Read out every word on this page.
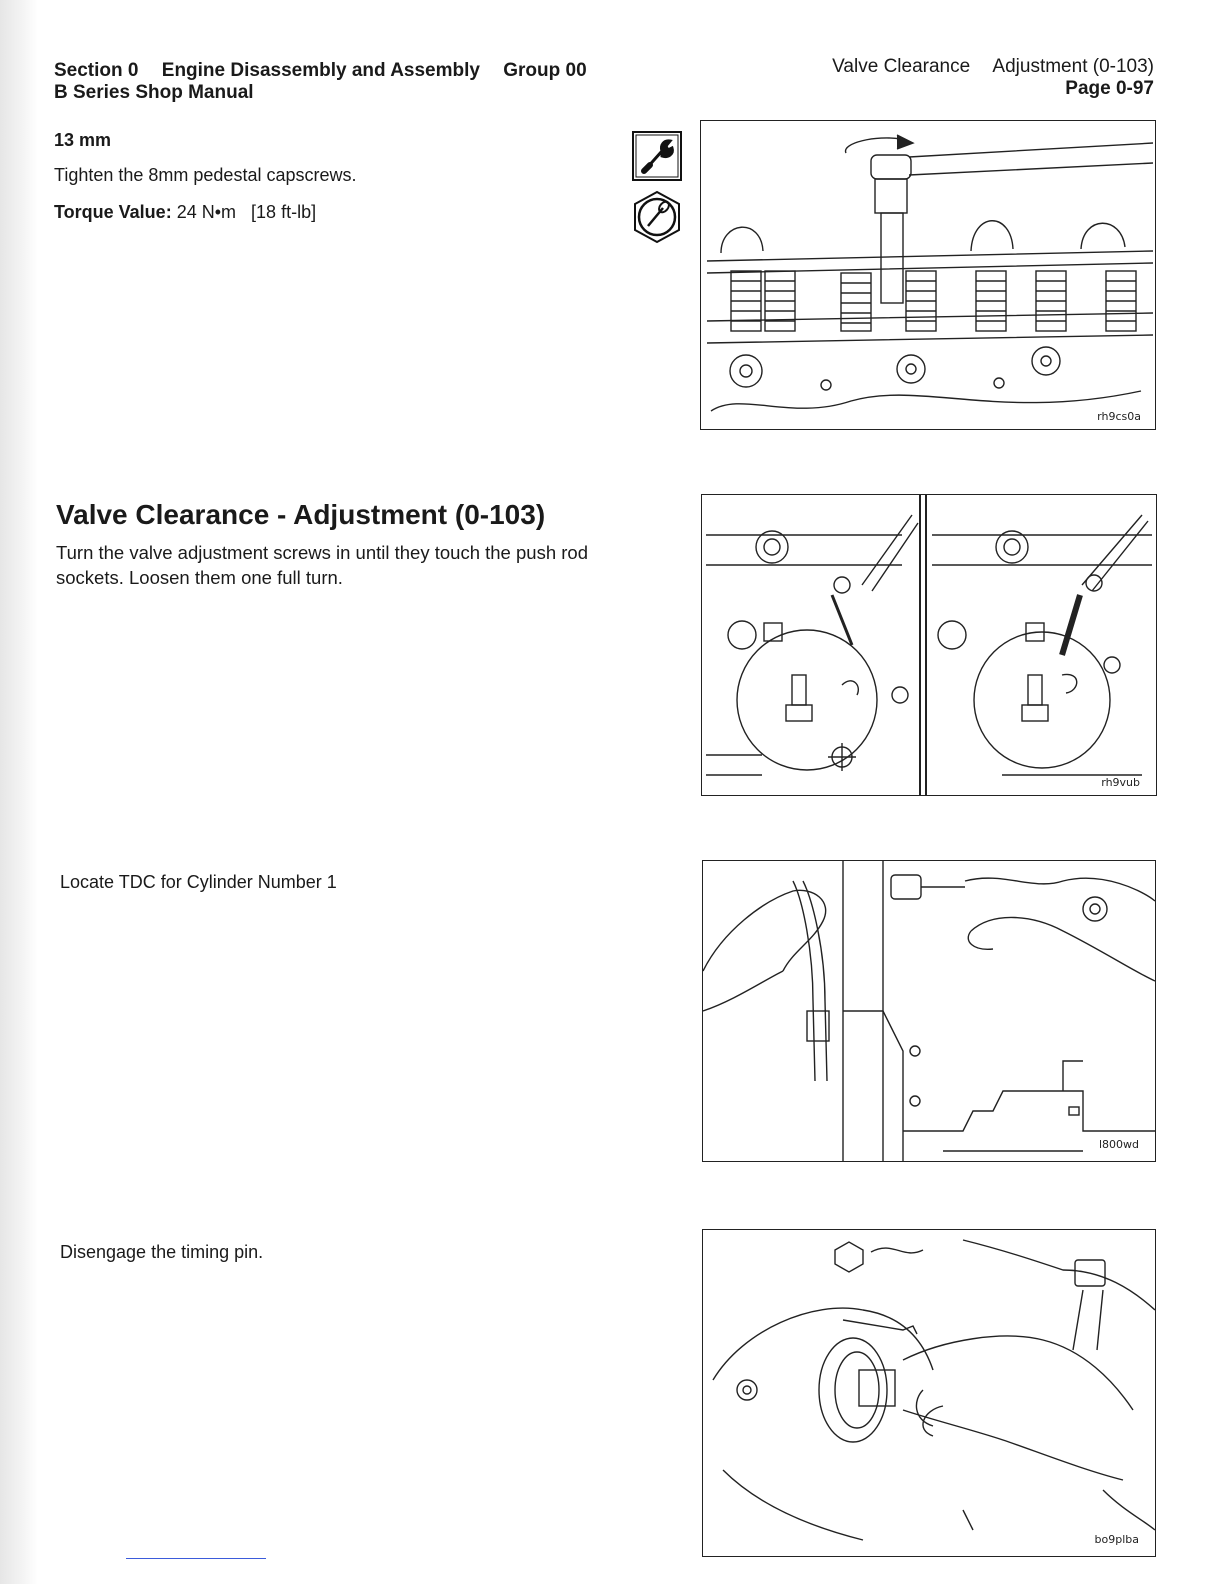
Section 0 Engine Disassembly and Assembly Group 00
B Series Shop Manual
Valve Clearance Adjustment (0-103)
Page 0-97
13 mm
Tighten the 8mm pedestal capscrews.
Torque Value: 24 N•m [18 ft-lb]
rh9cs0a
Valve Clearance - Adjustment (0-103)
Turn the valve adjustment screws in until they touch the push rod sockets. Loosen them one full turn.
rh9vub
Locate TDC for Cylinder Number 1
l800wd
Disengage the timing pin.
bo9plba
